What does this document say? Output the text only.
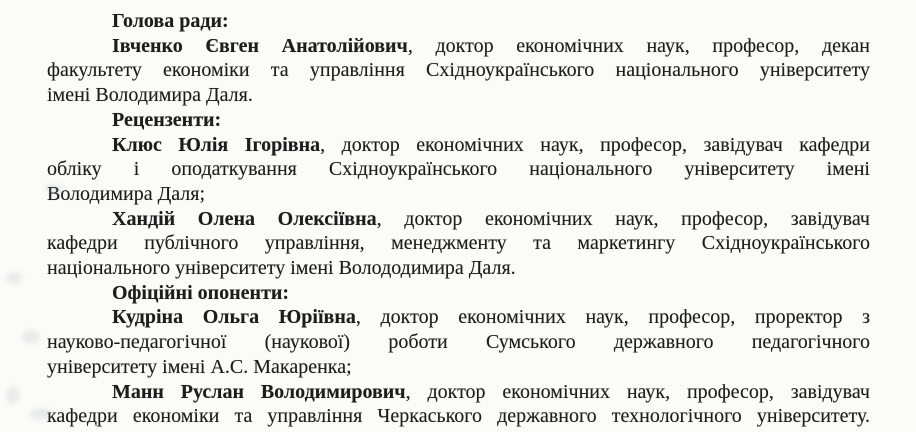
Голова ради:
Івченко Євген Анатолійович, доктор економічних наук, професор, декан
факультету економіки та управління Східноукраїнського національного університету
імені Володимира Даля.
Рецензенти:
Клюс Юлія Ігорівна, доктор економічних наук, професор, завідувач кафедри
обліку і оподаткування Східноукраїнського національного університету імені
Володимира Даля;
Хандій Олена Олексіївна, доктор економічних наук, професор, завідувач
кафедри публічного управління, менеджменту та маркетингу Східноукраїнського
національного університету імені Волододимира Даля.
Офіційні опоненти:
Кудріна Ольга Юріївна, доктор економічних наук, професор, проректор з
науково-педагогічної (наукової) роботи Сумського державного педагогічного
університету імені А.С. Макаренка;
Манн Руслан Володимирович, доктор економічних наук, професор, завідувач
кафедри економіки та управління Черкаського державного технологічного університету.
